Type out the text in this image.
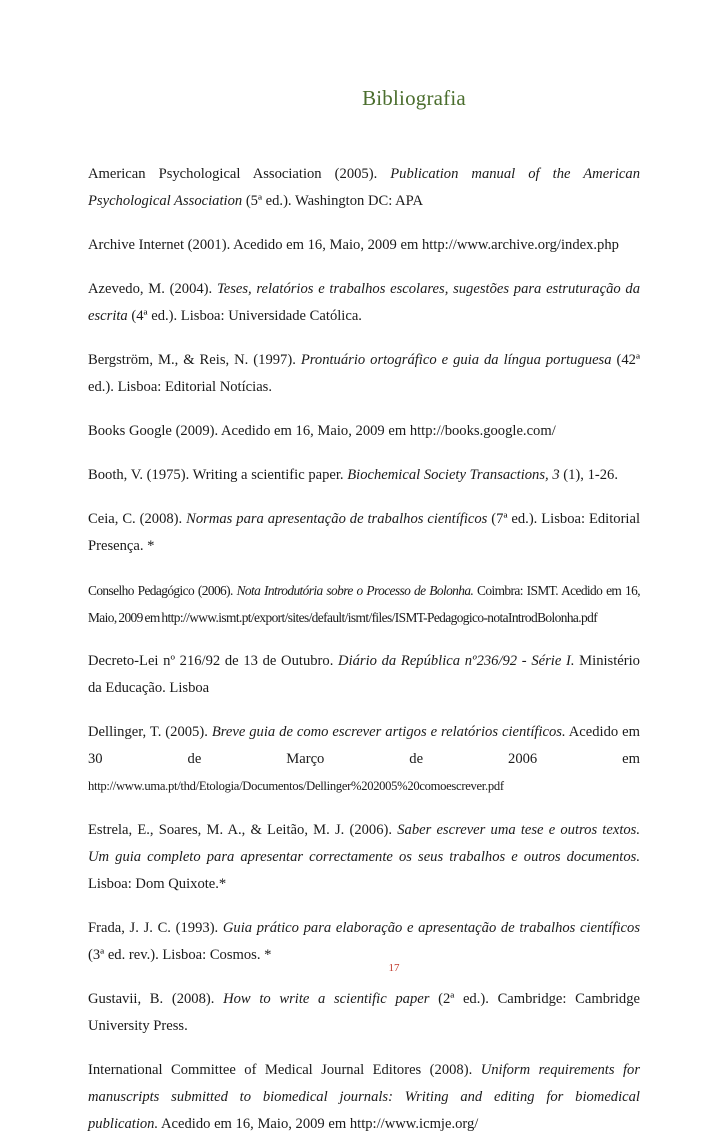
Bibliografia
American Psychological Association (2005). Publication manual of the American Psychological Association (5ª ed.). Washington DC: APA
Archive Internet (2001). Acedido em 16, Maio, 2009 em http://www.archive.org/index.php
Azevedo, M. (2004). Teses, relatórios e trabalhos escolares, sugestões para estruturação da escrita (4ª ed.). Lisboa: Universidade Católica.
Bergström, M., & Reis, N. (1997). Prontuário ortográfico e guia da língua portuguesa (42ª ed.). Lisboa: Editorial Notícias.
Books Google (2009). Acedido em 16, Maio, 2009 em http://books.google.com/
Booth, V. (1975). Writing a scientific paper. Biochemical Society Transactions, 3 (1), 1-26.
Ceia, C. (2008). Normas para apresentação de trabalhos científicos (7ª ed.). Lisboa: Editorial Presença. *
Conselho Pedagógico (2006). Nota Introdutória sobre o Processo de Bolonha. Coimbra: ISMT. Acedido em 16, Maio, 2009 em http://www.ismt.pt/export/sites/default/ismt/files/ISMT-Pedagogico-notaIntrodBolonha.pdf
Decreto-Lei nº 216/92 de 13 de Outubro. Diário da República nº236/92 - Série I. Ministério da Educação. Lisboa
Dellinger, T. (2005). Breve guia de como escrever artigos e relatórios científicos. Acedido em 30 de Março de 2006 em http://www.uma.pt/thd/Etologia/Documentos/Dellinger%202005%20comoescrever.pdf
Estrela, E., Soares, M. A., & Leitão, M. J. (2006). Saber escrever uma tese e outros textos. Um guia completo para apresentar correctamente os seus trabalhos e outros documentos. Lisboa: Dom Quixote.*
Frada, J. J. C. (1993). Guia prático para elaboração e apresentação de trabalhos científicos (3ª ed. rev.). Lisboa: Cosmos. *
Gustavii, B. (2008). How to write a scientific paper (2ª ed.). Cambridge: Cambridge University Press.
International Committee of Medical Journal Editores (2008). Uniform requirements for manuscripts submitted to biomedical journals: Writing and editing for biomedical publication. Acedido em 16, Maio, 2009 em http://www.icmje.org/
17
